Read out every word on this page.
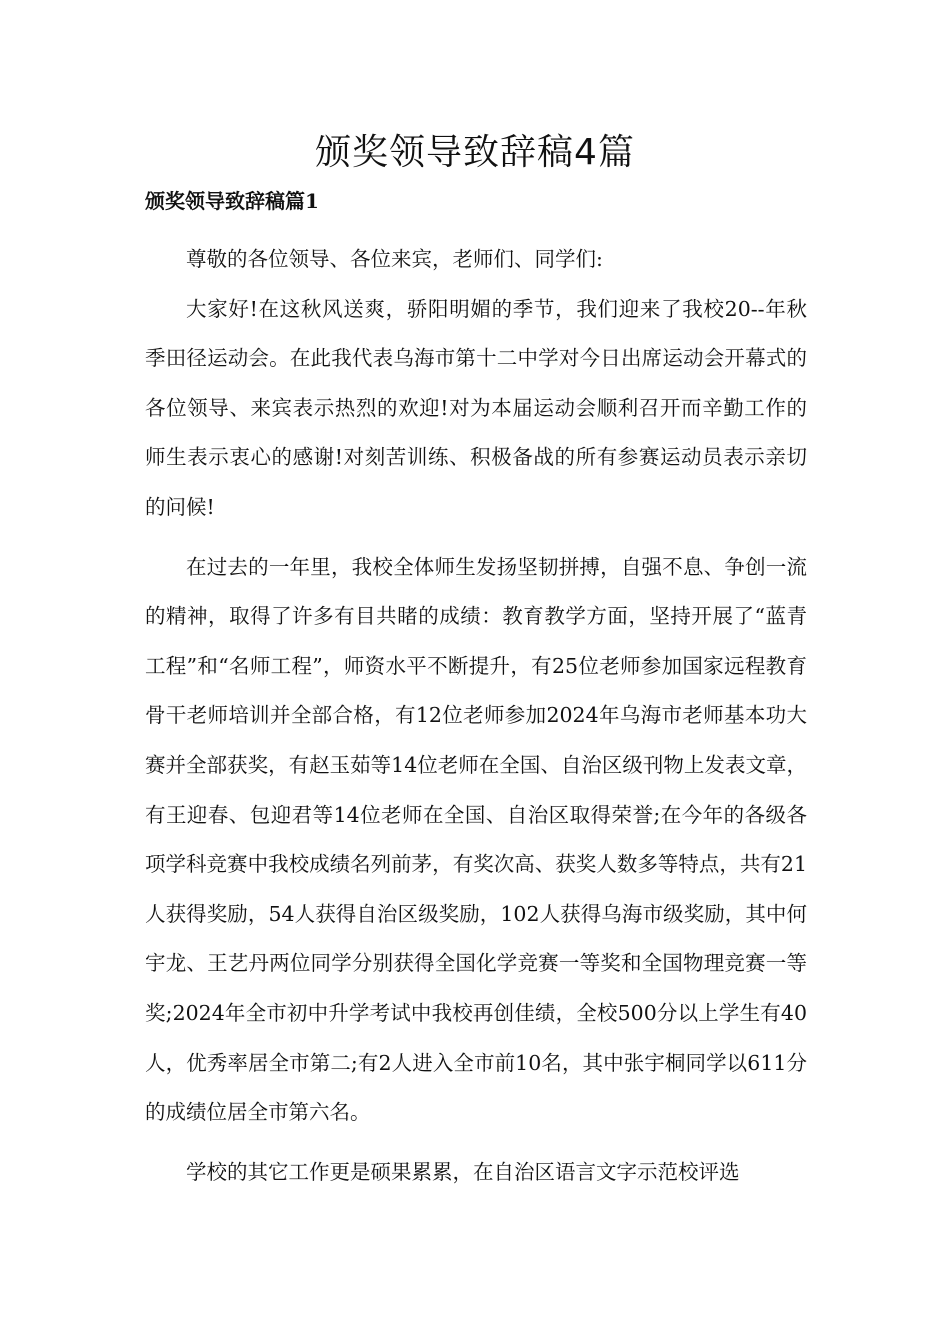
颁奖领导致辞稿4篇
颁奖领导致辞稿篇1

尊敬的各位领导、各位来宾，老师们、同学们:

大家好!在这秋风送爽，骄阳明媚的季节，我们迎来了我校20--年秋季田径运动会。在此我代表乌海市第十二中学对今日出席运动会开幕式的各位领导、来宾表示热烈的欢迎!对为本届运动会顺利召开而辛勤工作的师生表示衷心的感谢!对刻苦训练、积极备战的所有参赛运动员表示亲切的问候!

在过去的一年里，我校全体师生发扬坚韧拼搏，自强不息、争创一流的精神，取得了许多有目共睹的成绩：教育教学方面，坚持开展了“蓝青工程”和“名师工程”，师资水平不断提升，有25位老师参加国家远程教育骨干老师培训并全部合格，有12位老师参加2024年乌海市老师基本功大赛并全部获奖，有赵玉茹等14位老师在全国、自治区级刊物上发表文章，有王迎春、包迎君等14位老师在全国、自治区取得荣誉;在今年的各级各项学科竞赛中我校成绩名列前茅，有奖次高、获奖人数多等特点，共有21人获得奖励，54人获得自治区级奖励，102人获得乌海市级奖励，其中何宇龙、王艺丹两位同学分别获得全国化学竞赛一等奖和全国物理竞赛一等奖;2024年全市初中升学考试中我校再创佳绩，全校500分以上学生有40人，优秀率居全市第二;有2人进入全市前10名，其中张宇桐同学以611分的成绩位居全市第六名。

学校的其它工作更是硕果累累，在自治区语言文字示范校评选
